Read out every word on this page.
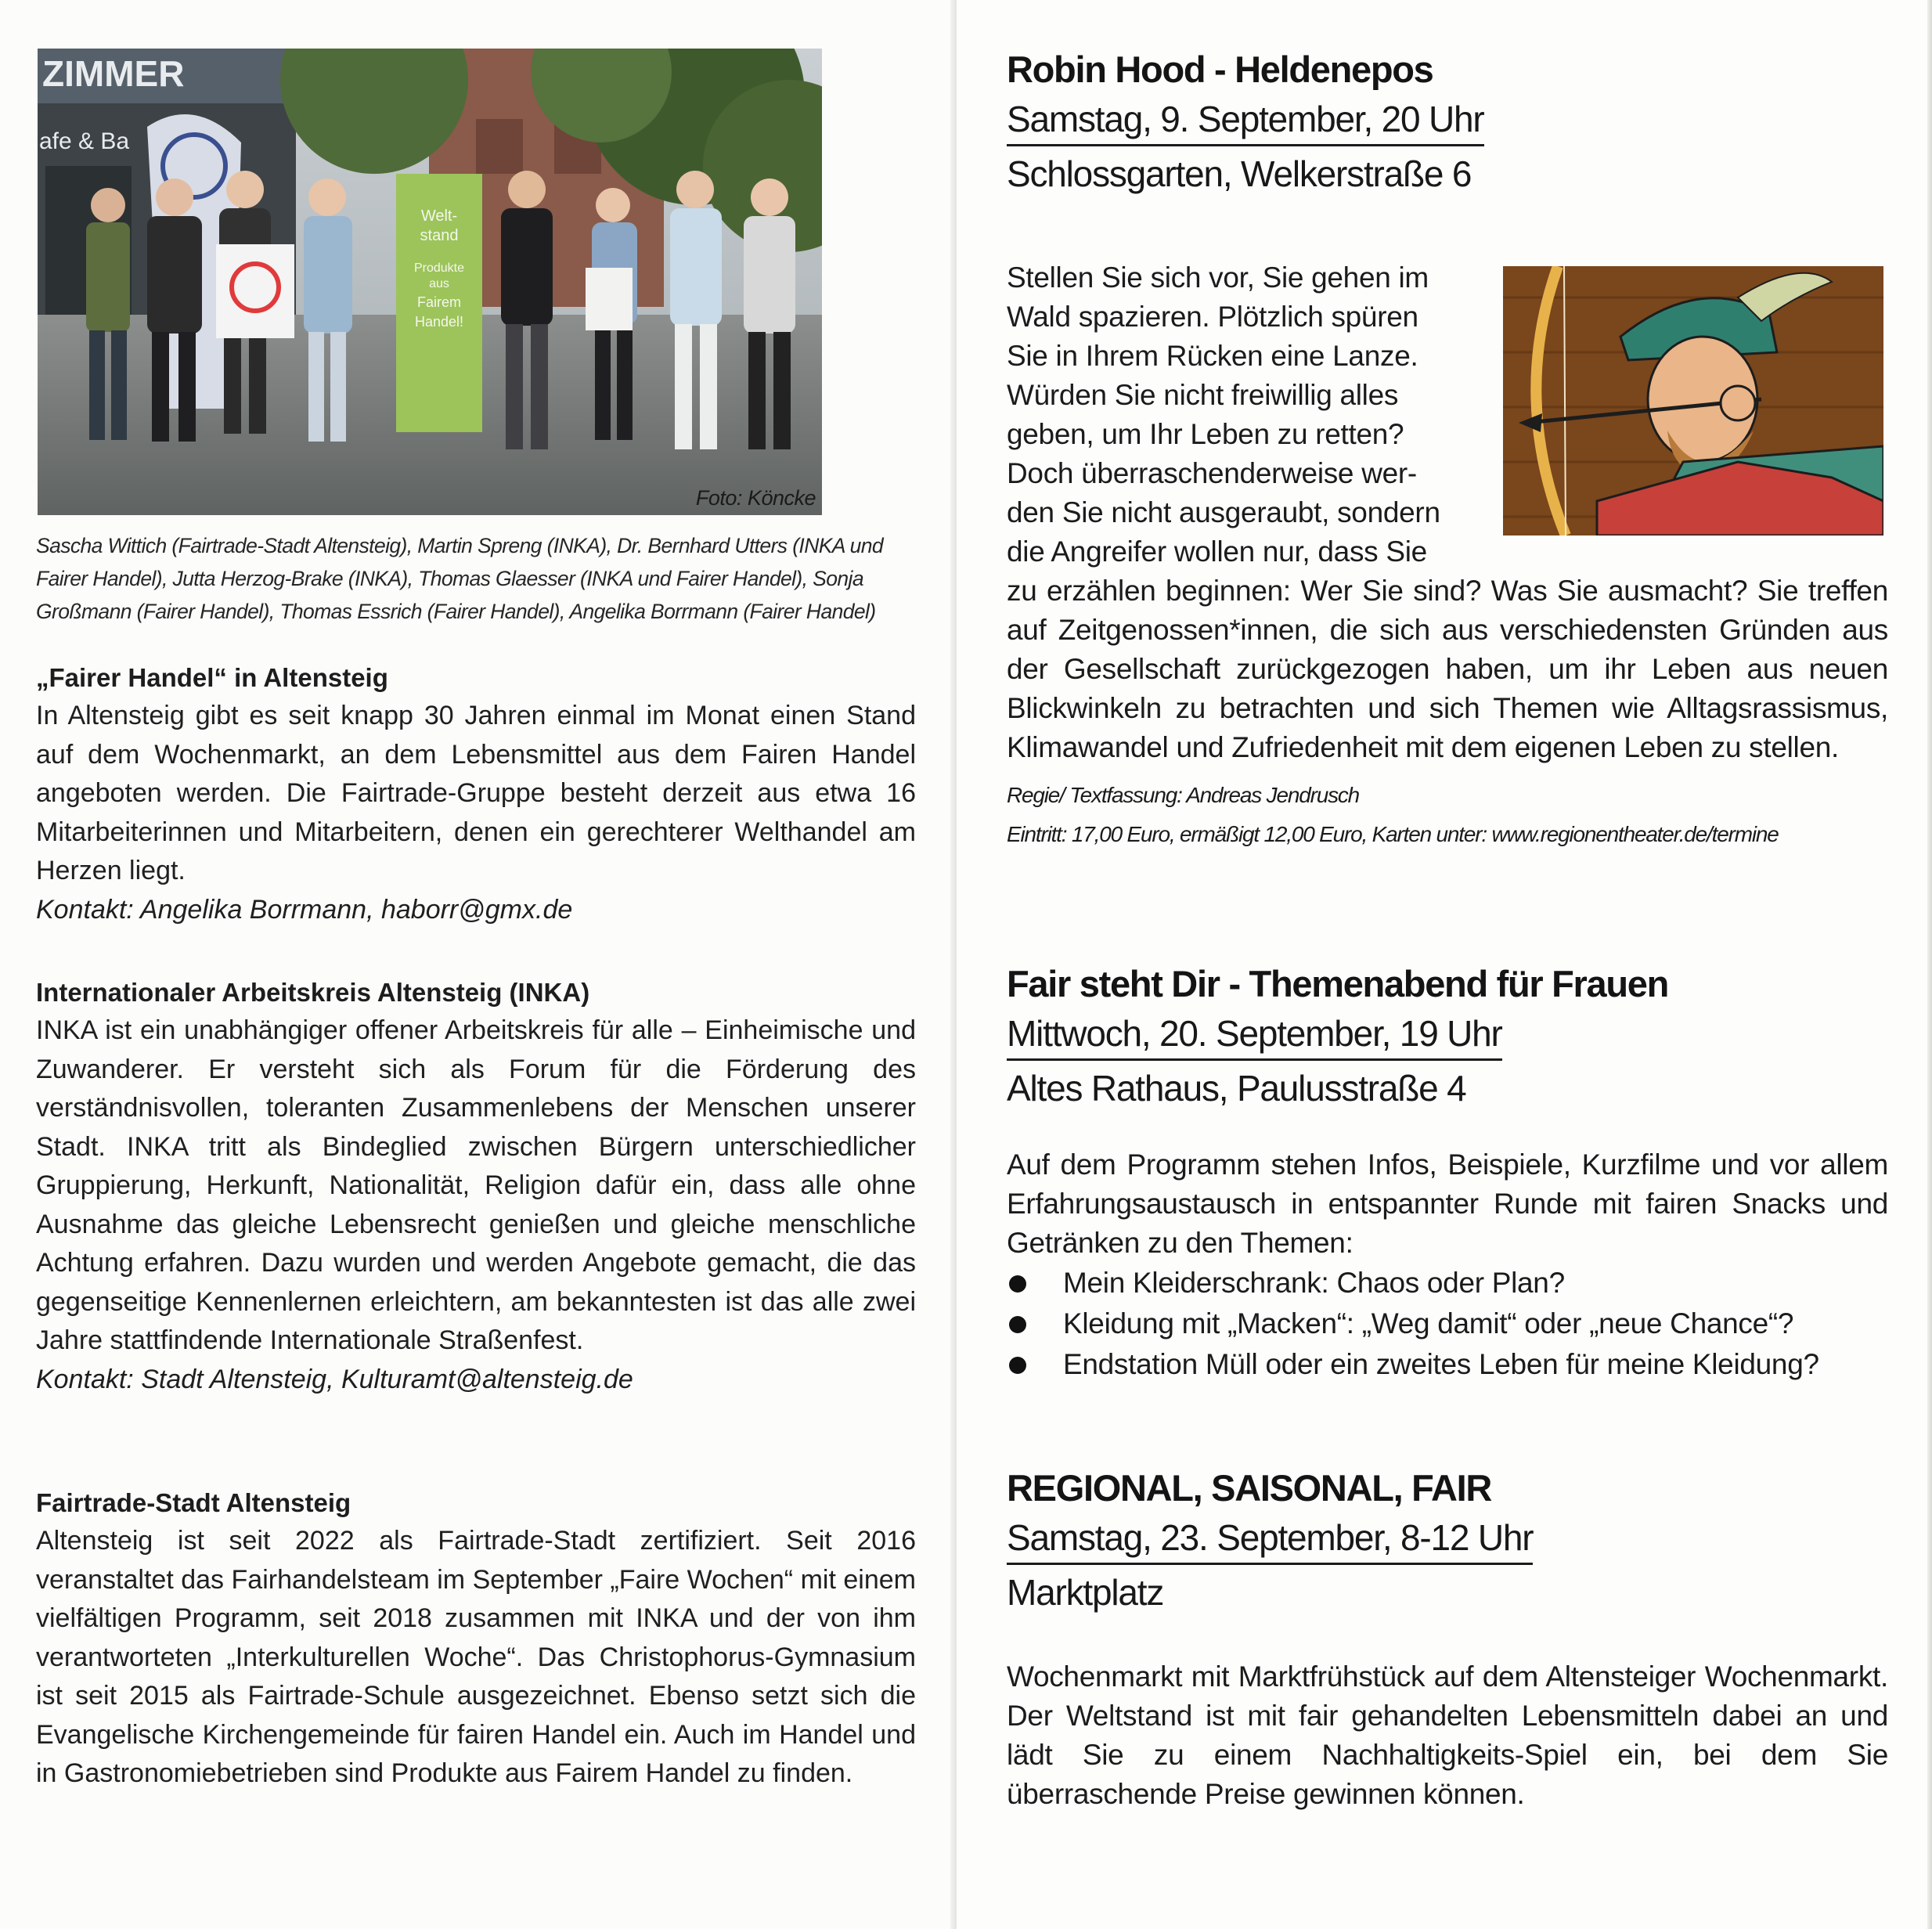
ZIMMER
afe & Ba
Welt-
stand
Produkte
aus
Fairem
Handel!
Foto: Köncke
Sascha Wittich (Fairtrade-Stadt Altensteig), Martin Spreng (INKA), Dr. Bernhard Utters (INKA und Fairer Handel), Jutta Herzog-Brake (INKA), Thomas Glaesser (INKA und Fairer Handel), Sonja Großmann (Fairer Handel), Thomas Essrich (Fairer Handel), Angelika Borrmann (Fairer Handel)
„Fairer Handel“ in Altensteig

In Altensteig gibt es seit knapp 30 Jahren einmal im Monat einen Stand auf dem Wochenmarkt, an dem Lebensmittel aus dem Fairen Handel angeboten werden. Die Fairtrade-Gruppe besteht derzeit aus etwa 16 Mitarbeiterinnen und Mitarbeitern, denen ein gerechterer Welthandel am Herzen liegt.

Kontakt: Angelika Borrmann, haborr@gmx.de
Internationaler Arbeitskreis Altensteig (INKA)

INKA ist ein unabhängiger offener Arbeitskreis für alle – Einheimische und Zuwanderer. Er versteht sich als Forum für die Förderung des verständnisvollen, toleranten Zusammenlebens der Menschen unserer Stadt. INKA tritt als Bindeglied zwischen Bürgern unterschiedlicher Gruppierung, Herkunft, Nationalität, Religion dafür ein, dass alle ohne Ausnahme das gleiche Lebensrecht genießen und gleiche menschliche Achtung erfahren. Dazu wurden und werden Angebote gemacht, die das gegenseitige Kennenlernen erleichtern, am bekanntesten ist das alle zwei Jahre stattfindende Internationale Straßenfest.

Kontakt: Stadt Altensteig, Kulturamt@altensteig.de
Fairtrade-Stadt Altensteig

Altensteig ist seit 2022 als Fairtrade-Stadt zertifiziert. Seit 2016 veranstaltet das Fairhandelsteam im September „Faire Wochen“ mit einem vielfältigen Programm, seit 2018 zusammen mit INKA und der von ihm verantworteten „Interkulturellen Woche“. Das Christophorus-Gymnasium ist seit 2015 als Fairtrade-Schule ausgezeichnet. Ebenso setzt sich die Evangelische Kirchengemeinde für fairen Handel ein. Auch im Handel und in Gastronomiebetrieben sind Produkte aus Fairem Handel zu finden.

Robin Hood - Heldenepos
Samstag, 9. September, 20 Uhr
Schlossgarten, Welkerstraße 6

Stellen Sie sich vor, Sie gehen im

Wald spazieren. Plötzlich spüren

Sie in Ihrem Rücken eine Lanze.

Würden Sie nicht freiwillig alles

geben, um Ihr Leben zu retten?

Doch überraschenderweise wer-

den Sie nicht ausgeraubt, sondern

die Angreifer wollen nur, dass Sie

zu erzählen beginnen: Wer Sie sind? Was Sie ausmacht? Sie treffen auf Zeitgenossen*innen, die sich aus verschiedensten Gründen aus der Gesellschaft zurückgezogen haben, um ihr Leben aus neuen Blickwinkeln zu betrachten und sich Themen wie Alltagsrassismus, Klimawandel und Zufriedenheit mit dem eigenen Leben zu stellen.

Regie/ Textfassung: Andreas Jendrusch
Eintritt: 17,00 Euro, ermäßigt 12,00 Euro, Karten unter: www.regionentheater.de/termine
Fair steht Dir - Themenabend für Frauen
Mittwoch, 20. September, 19 Uhr
Altes Rathaus, Paulusstraße 4

Auf dem Programm stehen Infos, Beispiele, Kurzfilme und vor allem Erfahrungsaustausch in entspannter Runde mit fairen Snacks und Getränken zu den Themen:

Mein Kleiderschrank: Chaos oder Plan?
Kleidung mit „Macken“: „Weg damit“ oder „neue Chance“?
Endstation Müll oder ein zweites Leben für meine Kleidung?
REGIONAL, SAISONAL, FAIR
Samstag, 23. September, 8-12 Uhr
Marktplatz

Wochenmarkt mit Marktfrühstück auf dem Altensteiger Wochenmarkt. Der Weltstand ist mit fair gehandelten Lebensmitteln dabei an und lädt Sie zu einem Nachhaltigkeits-Spiel ein, bei dem Sie überraschende Preise gewinnen können.
